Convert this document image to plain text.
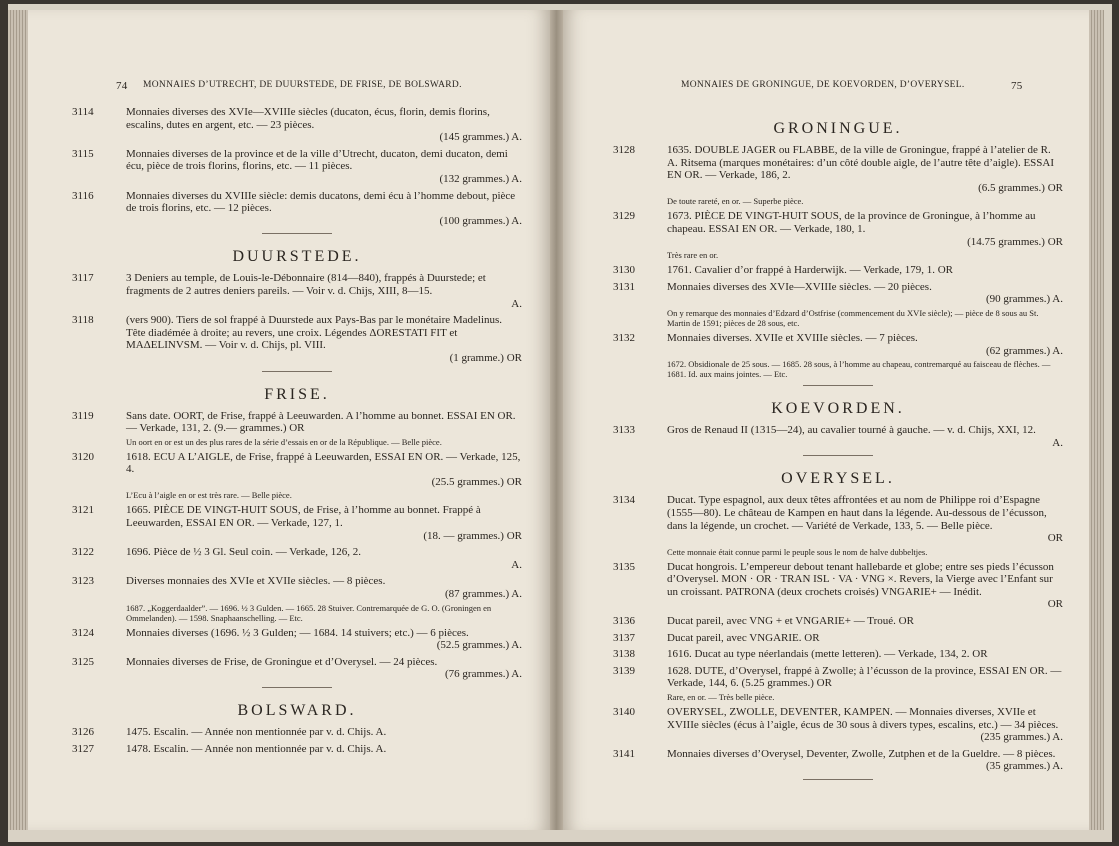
74 MONNAIES D’UTRECHT, DE DUURSTEDE, DE FRISE, DE BOLSWARD.
3114	Monnaies diverses des XVIe—XVIIIe siècles (ducaton, écus, florin, demis florins, escalins, dutes en argent, etc. — 23 pièces.
(145 grammes.) A.
3115	Monnaies diverses de la province et de la ville d’Utrecht, ducaton, demi ducaton, demi écu, pièce de trois florins, florins, etc. — 11 pièces.
(132 grammes.) A.
3116	Monnaies diverses du XVIIIe siècle: demis ducatons, demi écu à l’homme debout, pièce de trois florins, etc. — 12 pièces.
(100 grammes.) A.
DUURSTEDE.
3117	3 Deniers au temple, de Louis-le-Débonnaire (814—840), frappés à Duurstede; et fragments de 2 autres deniers pareils. — Voir v. d. Chijs, XIII, 8—15.
A.
3118	(vers 900). Tiers de sol frappé à Duurstede aux Pays-Bas par le monétaire Madelinus. Tête diadémée à droite; au revers, une croix. Légendes ΔORESTATI FIT et MAΔELINVSM. — Voir v. d. Chijs, pl. VIII.
(1 gramme.) OR
FRISE.
3119	Sans date. OORT, de Frise, frappé à Leeuwarden. A l’homme au bonnet. ESSAI EN OR. — Verkade, 131, 2. (9.— grammes.) OR
Un oort en or est un des plus rares de la série d’essais en or de la République. — Belle pièce.
3120	1618. ECU A L’AIGLE, de Frise, frappé à Leeuwarden, ESSAI EN OR. — Verkade, 125, 4.
(25.5 grammes.) OR
L’Ecu à l’aigle en or est très rare. — Belle pièce.
3121	1665. PIÈCE DE VINGT-HUIT SOUS, de Frise, à l’homme au bonnet. Frappé à Leeuwarden, ESSAI EN OR. — Verkade, 127, 1.
(18. — grammes.) OR
3122	1696. Pièce de ½ 3 Gl. Seul coin. — Verkade, 126, 2.
A.
3123	Diverses monnaies des XVIe et XVIIe siècles. — 8 pièces.
(87 grammes.) A.
1687. „Koggerdaalder”. — 1696. ½ 3 Gulden. — 1665. 28 Stuiver. Contremarquée de G. O. (Groningen en Ommelanden). — 1598. Snaphaanschelling. — Etc.
3124	Monnaies diverses (1696. ½ 3 Gulden; — 1684. 14 stuivers; etc.) — 6 pièces.
(52.5 grammes.) A.
3125	Monnaies diverses de Frise, de Groningue et d’Overysel. — 24 pièces.
(76 grammes.) A.
BOLSWARD.
3126	1475. Escalin. — Année non mentionnée par v. d. Chijs. A.
3127	1478. Escalin. — Année non mentionnée par v. d. Chijs. A.
MONNAIES DE GRONINGUE, DE KOEVORDEN, D’OVERYSEL.	75
GRONINGUE.
3128	1635. DOUBLE JAGER ou FLABBE, de la ville de Groningue, frappé à l’atelier de R. A. Ritsema (marques monétaires: d’un côté double aigle, de l’autre tête d’aigle). ESSAI EN OR. — Verkade, 186, 2.
(6.5 grammes.) OR
De toute rareté, en or. — Superbe pièce.
3129	1673. PIÈCE DE VINGT-HUIT SOUS, de la province de Groningue, à l’homme au chapeau. ESSAI EN OR. — Verkade, 180, 1.
(14.75 grammes.) OR
Très rare en or.
3130	1761. Cavalier d’or frappé à Harderwijk. — Verkade, 179, 1. OR
3131	Monnaies diverses des XVIe—XVIIIe siècles. — 20 pièces.
(90 grammes.) A.
On y remarque des monnaies d’Edzard d’Ostfrise (commencement du XVIe siècle); — pièce de 8 sous au St. Martin de 1591; pièces de 28 sous, etc.
3132	Monnaies diverses. XVIIe et XVIIIe siècles. — 7 pièces.
(62 grammes.) A.
1672. Obsidionale de 25 sous. — 1685. 28 sous, à l’homme au chapeau, contremarqué au faisceau de flèches. — 1681. Id. aux mains jointes. — Etc.
KOEVORDEN.
3133	Gros de Renaud II (1315—24), au cavalier tourné à gauche. — v. d. Chijs, XXI, 12.
A.
OVERYSEL.
3134	Ducat. Type espagnol, aux deux têtes affrontées et au nom de Philippe roi d’Espagne (1555—80). Le château de Kampen en haut dans la légende. Au-dessous de l’écusson, dans la légende, un crochet. — Variété de Verkade, 133, 5. — Belle pièce.
OR
Cette monnaie était connue parmi le peuple sous le nom de halve dubbeltjes.
3135	Ducat hongrois. L’empereur debout tenant hallebarde et globe; entre ses pieds l’écusson d’Overysel. MON · OR · TRAN ISL · VA · VNG ×. Revers, la Vierge avec l’Enfant sur un croissant. PATRONA (deux crochets croisés) VNGARIE+ — Inédit.
OR
3136	Ducat pareil, avec VNG + et VNGARIE+ — Troué. OR
3137	Ducat pareil, avec VNGARIE. OR
3138	1616. Ducat au type néerlandais (mette letteren). — Verkade, 134, 2. OR
3139	1628. DUTE, d’Overysel, frappé à Zwolle; à l’écusson de la province, ESSAI EN OR. — Verkade, 144, 6. (5.25 grammes.) OR
Rare, en or. — Très belle pièce.
3140	OVERYSEL, ZWOLLE, DEVENTER, KAMPEN. — Monnaies diverses, XVIIe et XVIIIe siècles (écus à l’aigle, écus de 30 sous à divers types, escalins, etc.) — 34 pièces.
(235 grammes.) A.
3141	Monnaies diverses d’Overysel, Deventer, Zwolle, Zutphen et de la Gueldre. — 8 pièces.
(35 grammes.) A.
